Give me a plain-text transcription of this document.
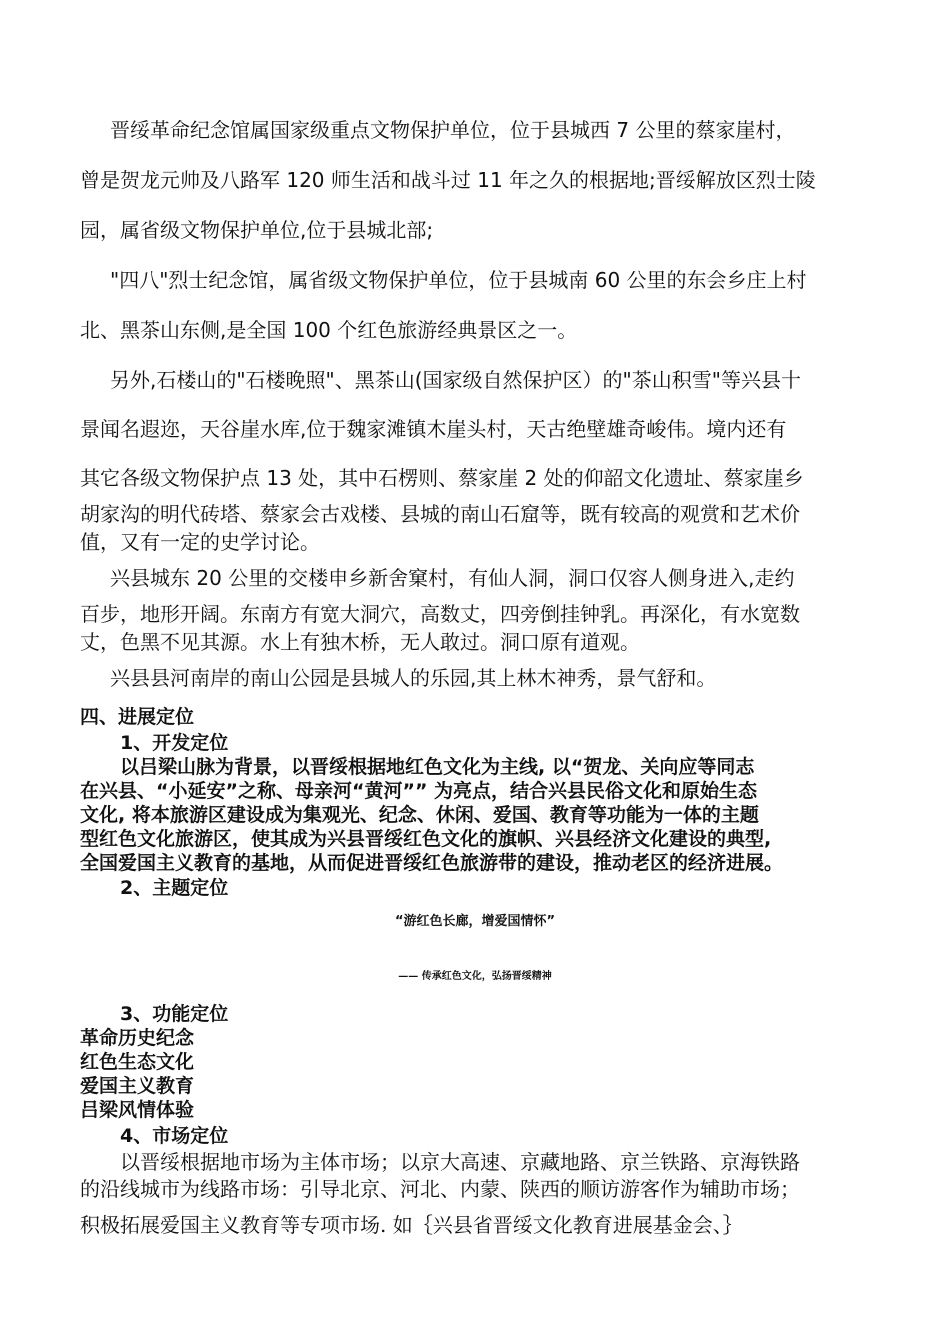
晋绥革命纪念馆属国家级重点文物保护单位，位于县城西 7 公里的蔡家崖村，
曾是贺龙元帅及八路军 120 师生活和战斗过 11 年之久的根据地;晋绥解放区烈士陵
园，属省级文物保护单位,位于县城北部;
"四八"烈士纪念馆，属省级文物保护单位，位于县城南 60 公里的东会乡庄上村
北、黑茶山东侧,是全国 100 个红色旅游经典景区之一。
另外,石楼山的"石楼晚照"、黑茶山(国家级自然保护区）的"茶山积雪"等兴县十
景闻名遐迩，天谷崖水库,位于魏家滩镇木崖头村，天古绝壁雄奇峻伟。境内还有
其它各级文物保护点 13 处，其中石楞则、蔡家崖 2 处的仰韶文化遗址、蔡家崖乡
胡家沟的明代砖塔、蔡家会古戏楼、县城的南山石窟等，既有较高的观赏和艺术价
值，又有一定的史学讨论。
兴县城东 20 公里的交楼申乡新舍窠村，有仙人洞，洞口仅容人侧身进入,走约
百步，地形开阔。东南方有宽大洞穴，高数丈，四旁倒挂钟乳。再深化，有水宽数
丈，色黑不见其源。水上有独木桥，无人敢过。洞口原有道观。
兴县县河南岸的南山公园是县城人的乐园,其上林木神秀，景气舒和。
四、进展定位
1、开发定位
以吕梁山脉为背景，以晋绥根据地红色文化为主线, 以“贺龙、关向应等同志
在兴县、“小延安”之称、母亲河“黄河”” 为亮点，结合兴县民俗文化和原始生态
文化, 将本旅游区建设成为集观光、纪念、休闲、爱国、教育等功能为一体的主题
型红色文化旅游区，使其成为兴县晋绥红色文化的旗帜、兴县经济文化建设的典型,
全国爱国主义教育的基地，从而促进晋绥红色旅游带的建设，推动老区的经济进展。
2、主题定位
“游红色长廊，增爱国情怀”
—— 传承红色文化，弘扬晋绥精神
3、功能定位
革命历史纪念
红色生态文化
爱国主义教育
吕梁风情体验
4、市场定位
以晋绥根据地市场为主体市场；以京大高速、京藏地路、京兰铁路、京海铁路
的沿线城市为线路市场：引导北京、河北、内蒙、陕西的顺访游客作为辅助市场；
积极拓展爱国主义教育等专项市场. 如｛兴县省晋绥文化教育进展基金会、｝
